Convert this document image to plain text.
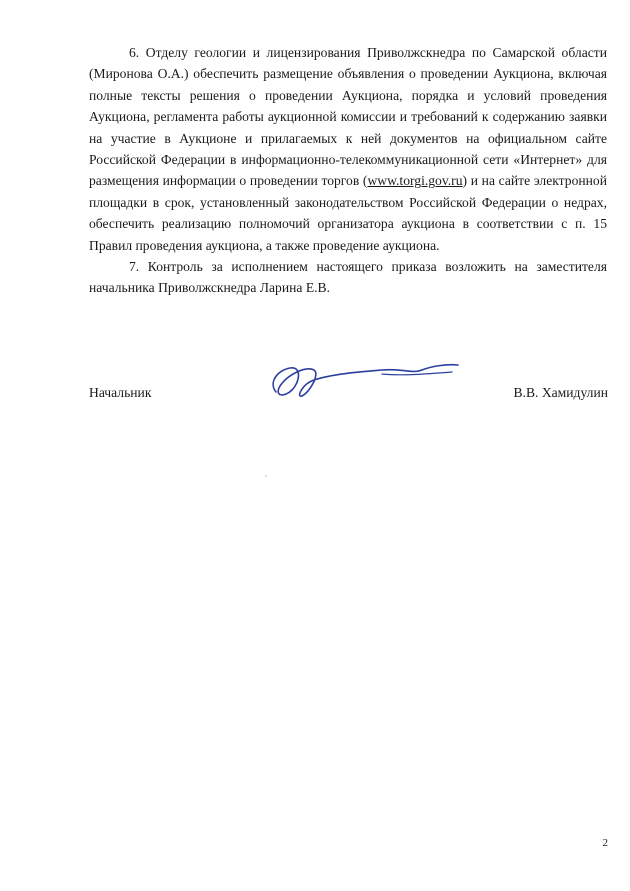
6. Отделу геологии и лицензирования Приволжскнедра по Самарской области (Миронова О.А.) обеспечить размещение объявления о проведении Аукциона, включая полные тексты решения о проведении Аукциона, порядка и условий проведения Аукциона, регламента работы аукционной комиссии и требований к содержанию заявки на участие в Аукционе и прилагаемых к ней документов на официальном сайте Российской Федерации в информационно-телекоммуникационной сети «Интернет» для размещения информации о проведении торгов (www.torgi.gov.ru) и на сайте электронной площадки в срок, установленный законодательством Российской Федерации о недрах, обеспечить реализацию полномочий организатора аукциона в соответствии с п. 15 Правил проведения аукциона, а также проведение аукциона.

7. Контроль за исполнением настоящего приказа возложить на заместителя начальника Приволжскнедра Ларина Е.В.

Начальник	В.В. Хамидулин
2
